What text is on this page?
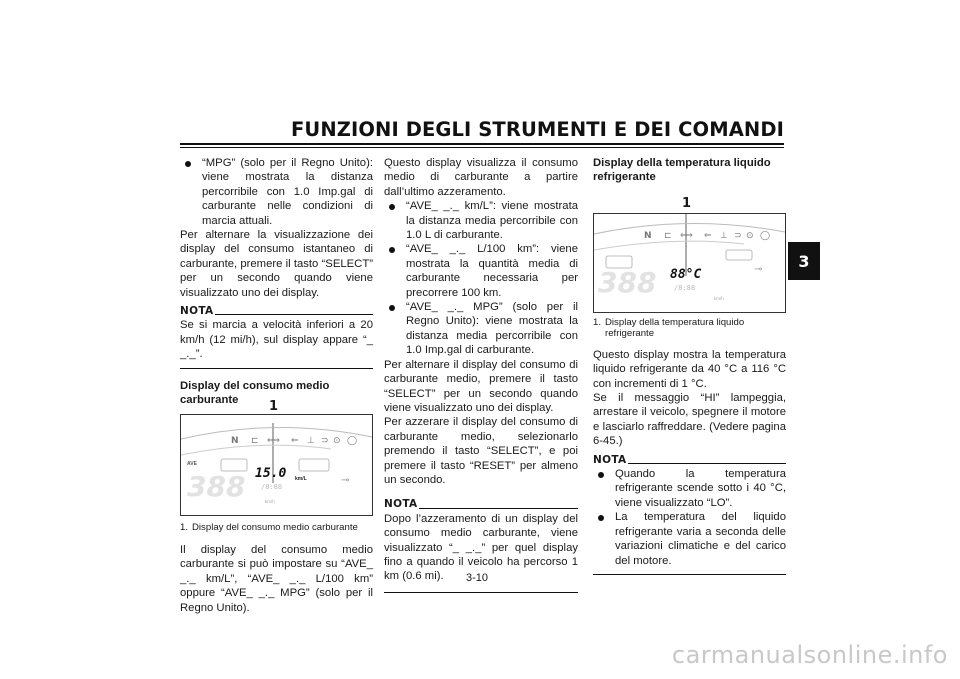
FUNZIONI DEGLI STRUMENTI E DEI COMANDI
3
“MPG” (solo per il Regno Unito): viene mostrata la distanza percorribile con 1.0 Imp.gal di carburante nelle condizioni di marcia attuali.

Per alternare la visualizzazione dei display del consumo istantaneo di carburante, premere il tasto “SELECT” per un secondo quando viene visualizzato uno dei display.

NOTA

Se si marcia a velocità inferiori a 20 km/h (12 mi/h), sul display appare “_ _._”.

Display del consumo medio carburante
N ⊏ ⟺ ⇐ ⊥ ⊃ ⊙ ◯
⊸
388 /8:88
km/h
1
AVE
15.0 km/L
1. Display del consumo medio carburante

Il display del consumo medio carburante si può impostare su “AVE_ _._ km/L”, “AVE_ _._ L/100 km” oppure “AVE_ _._ MPG” (solo per il Regno Unito).

Questo display visualizza il consumo medio di carburante a partire dall’ultimo azzeramento.

“AVE_ _._ km/L”: viene mostrata la distanza media percorribile con 1.0 L di carburante.
“AVE_ _._ L/100 km”: viene mostrata la quantità media di carburante necessaria per precorrere 100 km.
“AVE_ _._ MPG” (solo per il Regno Unito): viene mostrata la distanza media percorribile con 1.0 Imp.gal di carburante.

Per alternare il display del consumo di carburante medio, premere il tasto “SELECT” per un secondo quando viene visualizzato uno dei display.

Per azzerare il display del consumo di carburante medio, selezionarlo premendo il tasto “SELECT”, e poi premere il tasto “RESET” per almeno un secondo.

NOTA

Dopo l’azzeramento di un display del consumo medio carburante, viene visualizzato “_ _._” per quel display fino a quando il veicolo ha percorso 1 km (0.6 mi).

Display della temperatura liquido refrigerante
N ⊏ ⟺ ⇐ ⊥ ⊃ ⊙ ◯
⊸
388	/8:88
km/h
1
88°C
1. Display della temperatura liquido refrigerante

Questo display mostra la temperatura liquido refrigerante da 40 °C a 116 °C con incrementi di 1 °C.

Se il messaggio “HI” lampeggia, arrestare il veicolo, spegnere il motore e lasciarlo raffreddare. (Vedere pagina 6-45.)

NOTA
Quando la temperatura refrigerante scende sotto i 40 °C, viene visualizzato “LO”.
La temperatura del liquido refrigerante varia a seconda delle variazioni climatiche e del carico del motore.
3-10
carmanualsonline.info
